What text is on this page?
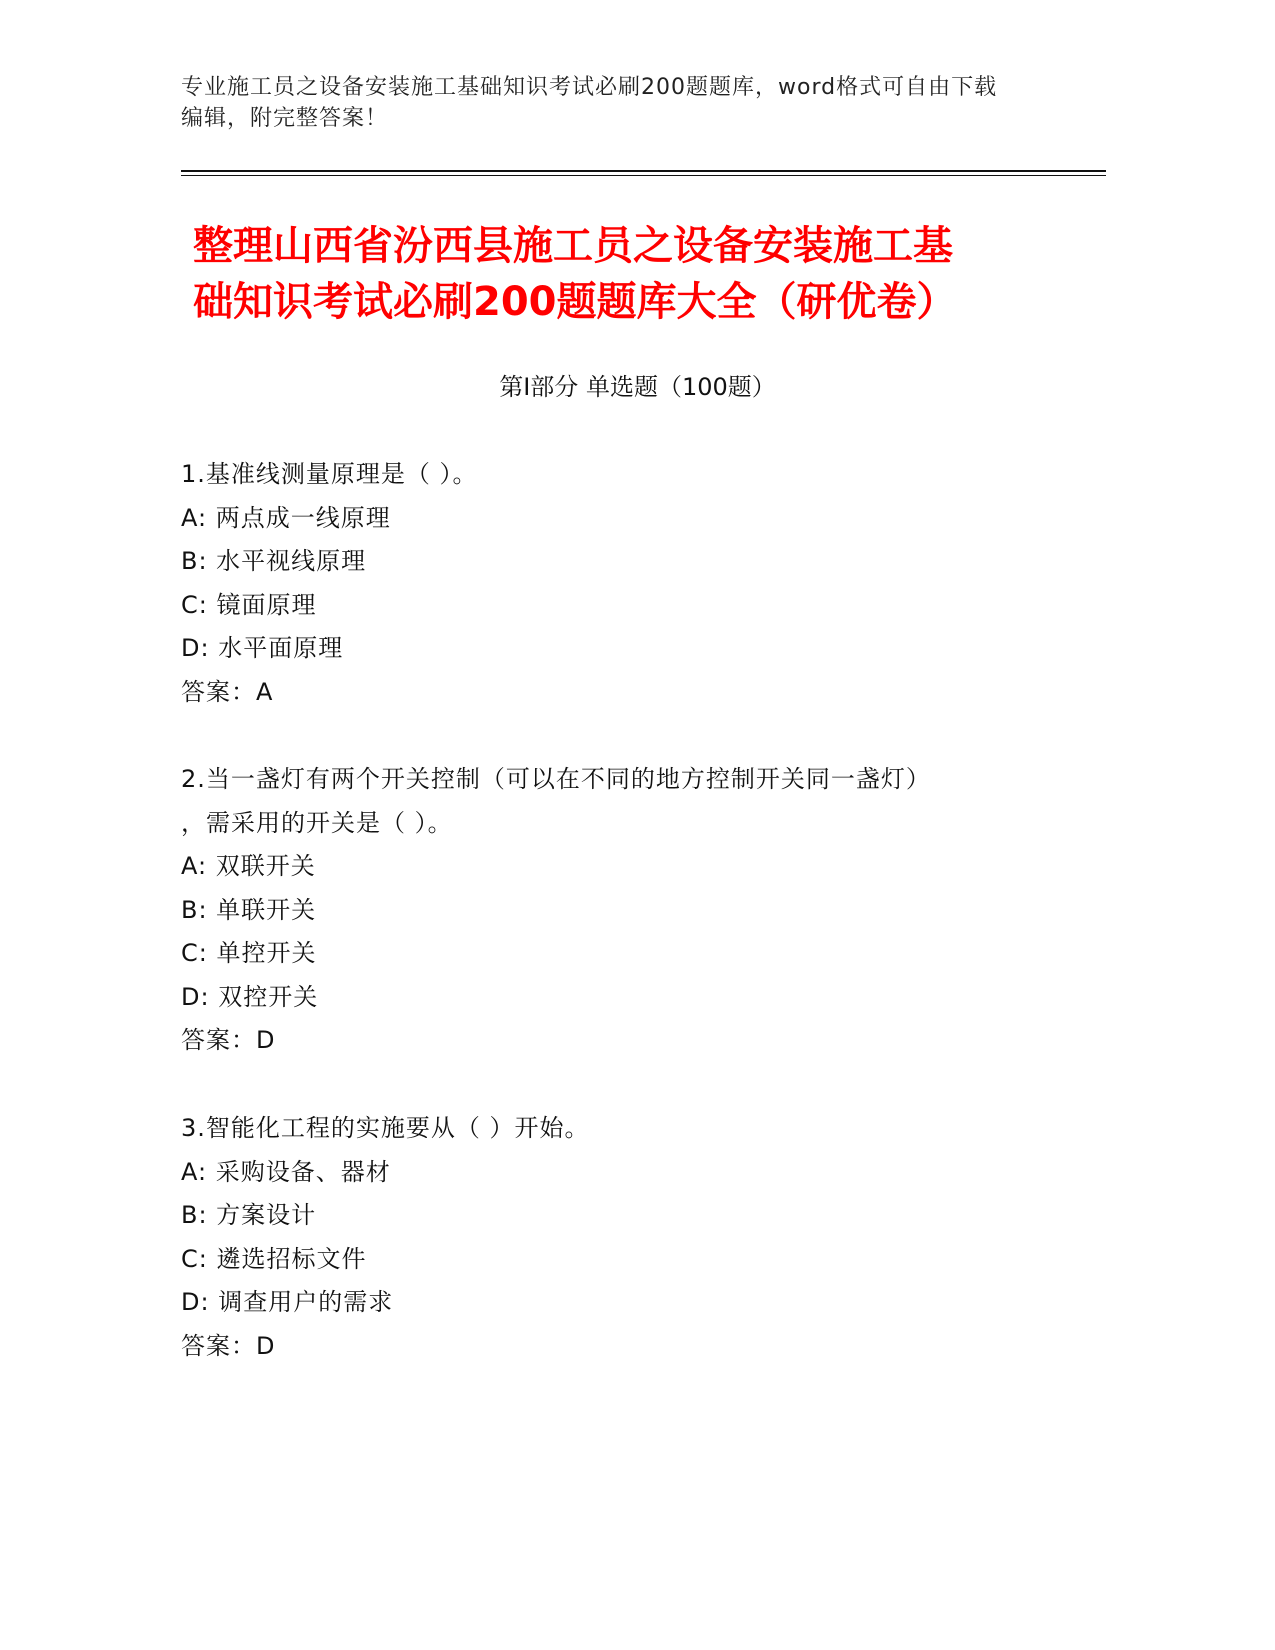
专业施工员之设备安装施工基础知识考试必刷200题题库，word格式可自由下载
编辑，附完整答案！
整理山西省汾西县施工员之设备安装施工基
础知识考试必刷200题题库大全（研优卷）
第Ⅰ部分 单选题（100题）
1.基准线测量原理是（ ）。
A: 两点成一线原理
B: 水平视线原理
C: 镜面原理
D: 水平面原理
答案：A
2.当一盏灯有两个开关控制（可以在不同的地方控制开关同一盏灯）
，需采用的开关是（ ）。
A: 双联开关
B: 单联开关
C: 单控开关
D: 双控开关
答案：D
3.智能化工程的实施要从（ ）开始。
A: 采购设备、器材
B: 方案设计
C: 遴选招标文件
D: 调查用户的需求
答案：D
